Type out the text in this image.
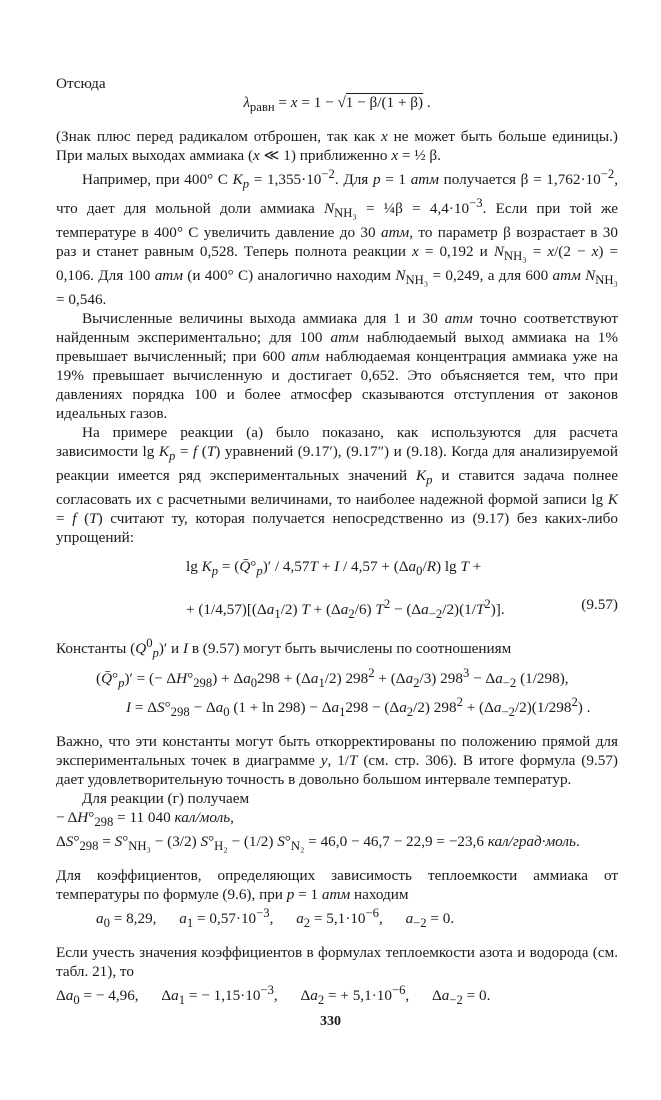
Отсюда

$\lambda_{равн} = x = 1 - √1 - \beta/(1 + \beta)$ .

(Знак плюс перед радикалом отброшен, так как x не может быть больше единицы.) При малых выходах аммиака (x ≪ 1) приближенно x = ½ β.

Например, при 400° С $K_p = 1,355\cdot 10^{-2}$. Для p = 1 атм получается $\beta = 1,762\cdot 10^{-2}$, что дает для мольной доли аммиака $N_{NH_3}$ = ¼β = $4,4\cdot 10^{-3}$. Если при той же температуре в 400° С увеличить давление до 30 атм, то параметр β возрастает в 30 раз и станет равным 0,528. Теперь полнота реакции x = 0,192 и $N_{NH_3} = x/(2 - x) = 0,106$. Для 100 атм (и 400° С) аналогично находим $N_{NH_3} = 0,249$, а для 600 атм $N_{NH_3} = 0,546$.

Вычисленные величины выхода аммиака для 1 и 30 атм точно соответствуют найденным экспериментально; для 100 атм наблюдаемый выход аммиака на 1% превышает вычисленный; при 600 атм наблюдаемая концентрация аммиака уже на 19% превышает вычисленную и достигает 0,652. Это объясняется тем, что при давлениях порядка 100 и более атмосфер сказываются отступления от законов идеальных газов.

На примере реакции (а) было показано, как используются для расчета зависимости $\lg K_p = f$ (T) уравнений (9.17′), (9.17″) и (9.18). Когда для анализируемой реакции имеется ряд экспериментальных значений $K_p$ и ставится задача полнее согласовать их с расчетными величинами, то наиболее надежной формой записи lg K = f (T) считают ту, которая получается непосредственно из (9.17) без каких-либо упрощений:

$\lg K_p$ = $(Q̄^\circ_p)' / 4,57T + I / 4,57 + (\Delta a_0/R)$ lg T +
+ $(1/4,57)[(\Delta a_1/2) T + (\Delta a_2/6) T^2 - (\Delta a_{-2}/2)(1/T^2)]$.	(9.57)

Константы $(Q^0_p)'$ и I в (9.57) могут быть вычислены по соотношениям

$(Q̄^\circ_p)'$ = (− $\Delta H^\circ_{298}) + \Delta a_0298 + (\Delta a_1/2)$ $298^2 + (\Delta a_2/3) 298^3 - \Delta a_{-2}$ (1/298),

$I = \Delta S^\circ_{298} - \Delta a_0$ $(1 + \ln 298) - \Delta a_1298 - (\Delta a_2/2) 298^2 + (\Delta a_{-2}/2)(1/298^2)$ .

Важно, что эти константы могут быть откорректированы по положению прямой для экспериментальных точек в диаграмме y, 1/T (см. стр. 306). В итоге формула (9.57) дает удовлетворительную точность в довольно большом интервале температур.

Для реакции (г) получаем

− $\Delta H^\circ_{298} = 11$ 040 кал/моль,

$\Delta S^\circ_{298} = S^\circ_{NH_3} - (3/2) S^\circ_{H_2} - (1/2) S^\circ_{N_2} = 46,0 - 46,7 - 22,9 = -23,6$ кал/град·моль.

Для коэффициентов, определяющих зависимость теплоемкости аммиака от температуры по формуле (9.6), при p = 1 атм находим

$a_0 = 8,29$,      $a_1 = 0,57\cdot 10^{-3}$,      $a_2 = 5,1\cdot 10^{-6}$,      $a_{-2} = 0$.

Если учесть значения коэффициентов в формулах теплоемкости азота и водорода (см. табл. 21), то

$\Delta a_0$ = − 4,96,      $\Delta a_1$ = − $1,15\cdot 10^{-3}$,      $\Delta a_2$ = + $5,1\cdot 10^{-6}$,      $\Delta a_{-2} = 0$.

330
